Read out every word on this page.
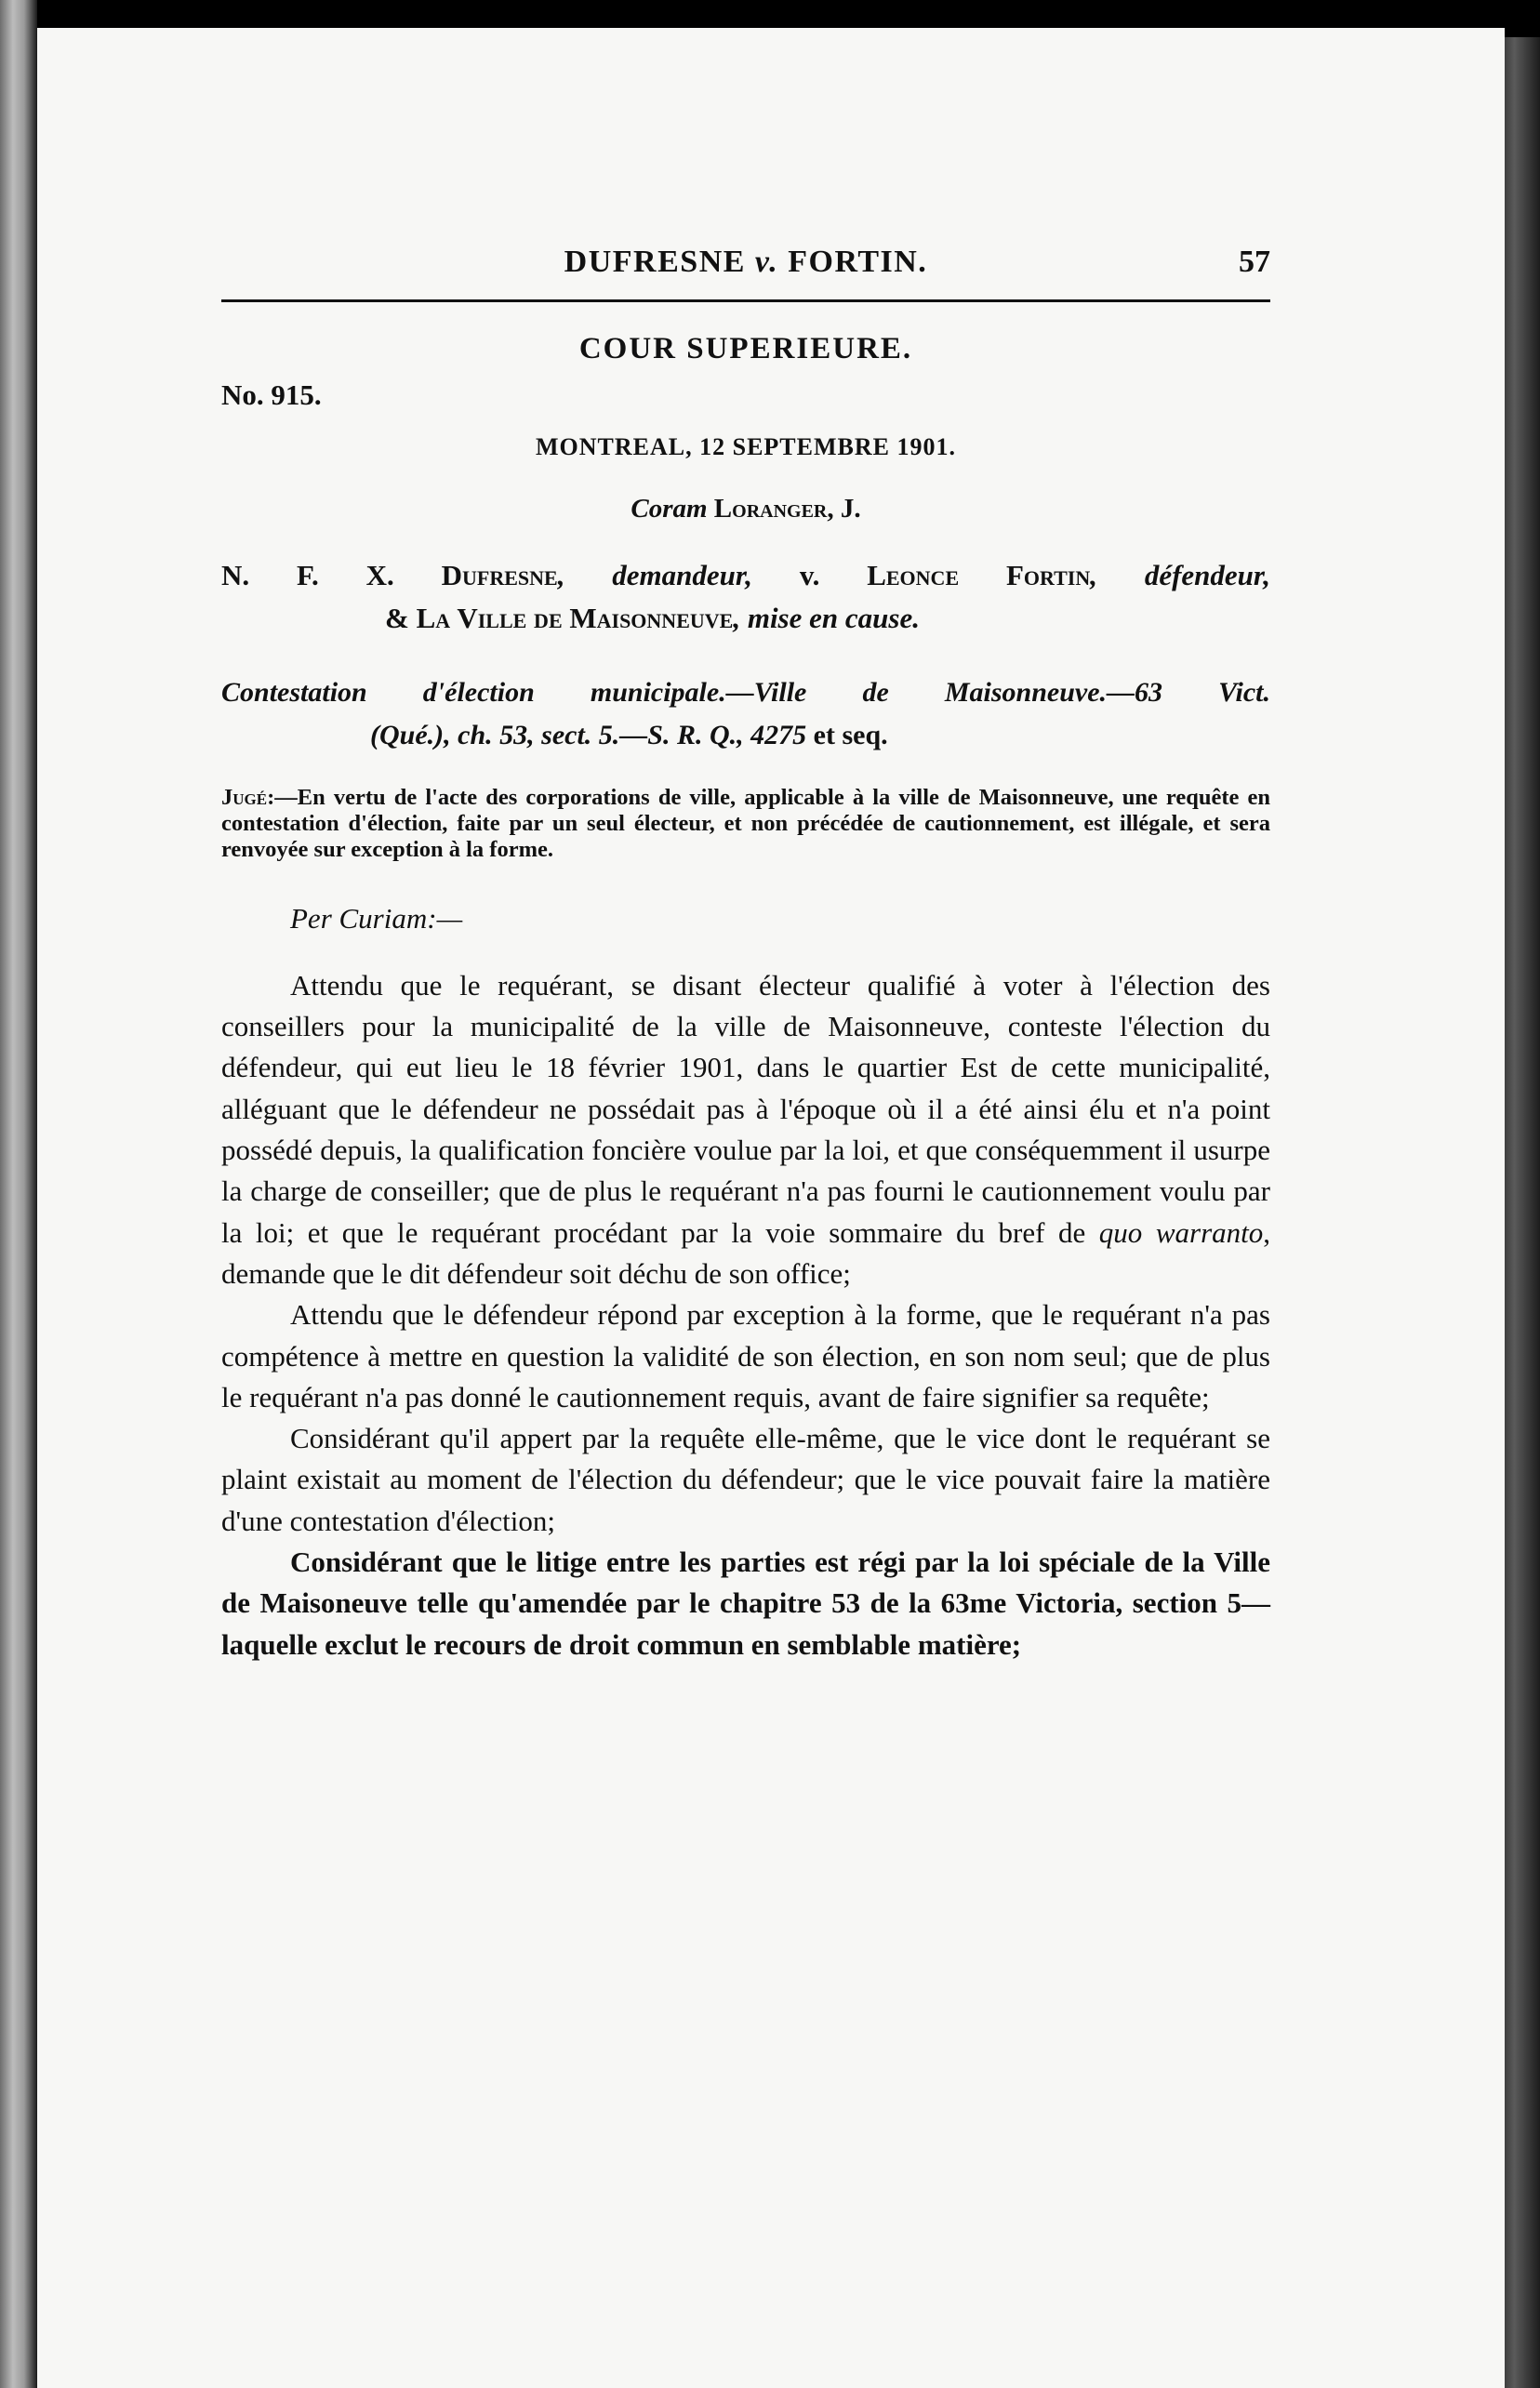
DUFRESNE v. FORTIN.	57
COUR SUPERIEURE.
No. 915.
MONTREAL, 12 SEPTEMBRE 1901.
Coram Loranger, J.
N. F. X. Dufresne, demandeur, v. Leonce Fortin, défendeur,
& La Ville de Maisonneuve, mise en cause.
Contestation d'élection municipale.—Ville de Maisonneuve.—63 Vict.
(Qué.), ch. 53, sect. 5.—S. R. Q., 4275 et seq.
Jugé:—En vertu de l'acte des corporations de ville, applicable à la ville de Maisonneuve, une requête en contestation d'élection, faite par un seul électeur, et non précédée de cautionnement, est illégale, et sera renvoyée sur exception à la forme.
Per Curiam:—

Attendu que le requérant, se disant électeur qualifié à voter à l'élection des conseillers pour la municipalité de la ville de Maisonneuve, conteste l'élection du défendeur, qui eut lieu le 18 février 1901, dans le quartier Est de cette municipalité, alléguant que le défendeur ne possédait pas à l'époque où il a été ainsi élu et n'a point possédé depuis, la qualification foncière voulue par la loi, et que conséquemment il usurpe la charge de conseiller; que de plus le requérant n'a pas fourni le cautionnement voulu par la loi; et que le requérant procédant par la voie sommaire du bref de quo warranto, demande que le dit défendeur soit déchu de son office;

Attendu que le défendeur répond par exception à la forme, que le requérant n'a pas compétence à mettre en question la validité de son élection, en son nom seul; que de plus le requérant n'a pas donné le cautionnement requis, avant de faire signifier sa requête;

Considérant qu'il appert par la requête elle-même, que le vice dont le requérant se plaint existait au moment de l'élection du défendeur; que le vice pouvait faire la matière d'une contestation d'élection;

Considérant que le litige entre les parties est régi par la loi spéciale de la Ville de Maisoneuve telle qu'amendée par le chapitre 53 de la 63me Victoria, section 5—laquelle exclut le recours de droit commun en semblable matière;
